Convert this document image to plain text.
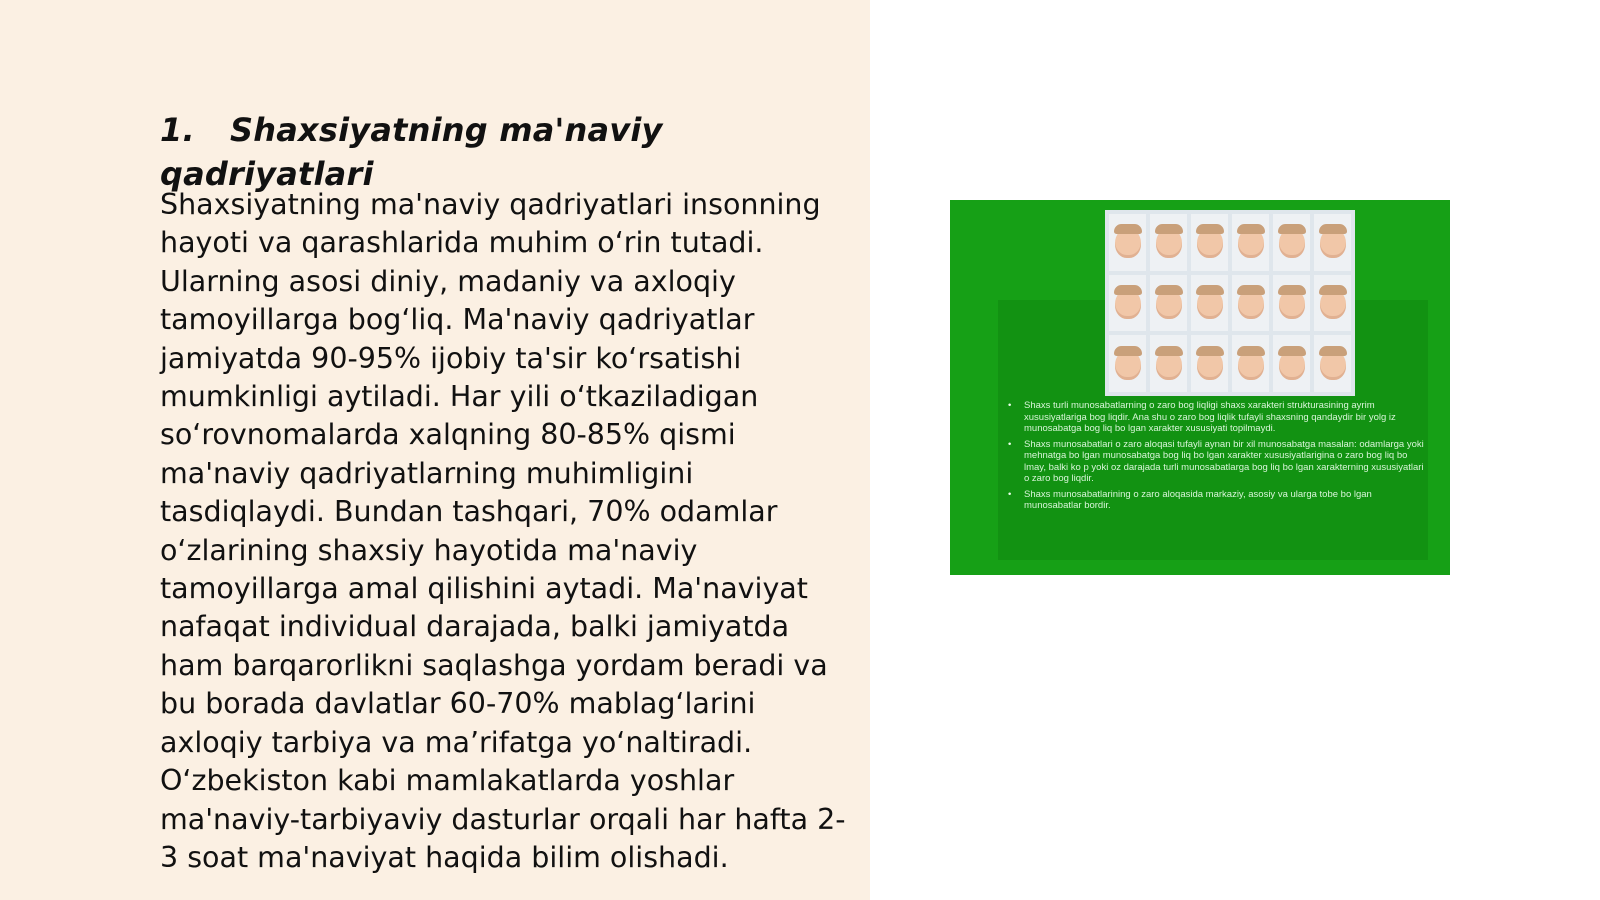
1. Shaxsiyatning ma'naviy qadriyatlari

Shaxsiyatning ma'naviy qadriyatlari insonning hayoti va qarashlarida muhim o‘rin tutadi. Ularning asosi diniy, madaniy va axloqiy tamoyillarga bog‘liq. Ma'naviy qadriyatlar jamiyatda 90-95% ijobiy ta'sir ko‘rsatishi mumkinligi aytiladi. Har yili o‘tkaziladigan so‘rovnomalarda xalqning 80-85% qismi ma'naviy qadriyatlarning muhimligini tasdiqlaydi. Bundan tashqari, 70% odamlar o‘zlarining shaxsiy hayotida ma'naviy tamoyillarga amal qilishini aytadi. Ma'naviyat nafaqat individual darajada, balki jamiyatda ham barqarorlikni saqlashga yordam beradi va bu borada davlatlar 60-70% mablag‘larini axloqiy tarbiya va ma’rifatga yo‘naltiradi. O‘zbekiston kabi mamlakatlarda yoshlar ma'naviy-tarbiyaviy dasturlar orqali har hafta 2-3 soat ma'naviyat haqida bilim olishadi.

• Shaxs turli munosabatlarning o zaro bog liqligi shaxs xarakteri strukturasining ayrim xususiyatlariga bog liqdir. Ana shu o zaro bog liqlik tufayli shaxsning qandaydir bir yolg iz munosabatga bog liq bo lgan xarakter xususiyati topilmaydi.
• Shaxs munosabatlari o zaro aloqasi tufayli aynan bir xil munosabatga masalan: odamlarga yoki mehnatga bo lgan munosabatga bog liq bo lgan xarakter xususiyatlarigina o zaro bog liq bo lmay, balki ko p yoki oz darajada turli munosabatlarga bog liq bo lgan xarakterning xususiyatlari o zaro bog liqdir.
• Shaxs munosabatlarining o zaro aloqasida markaziy, asosiy va ularga tobe bo lgan munosabatlar bordir.
